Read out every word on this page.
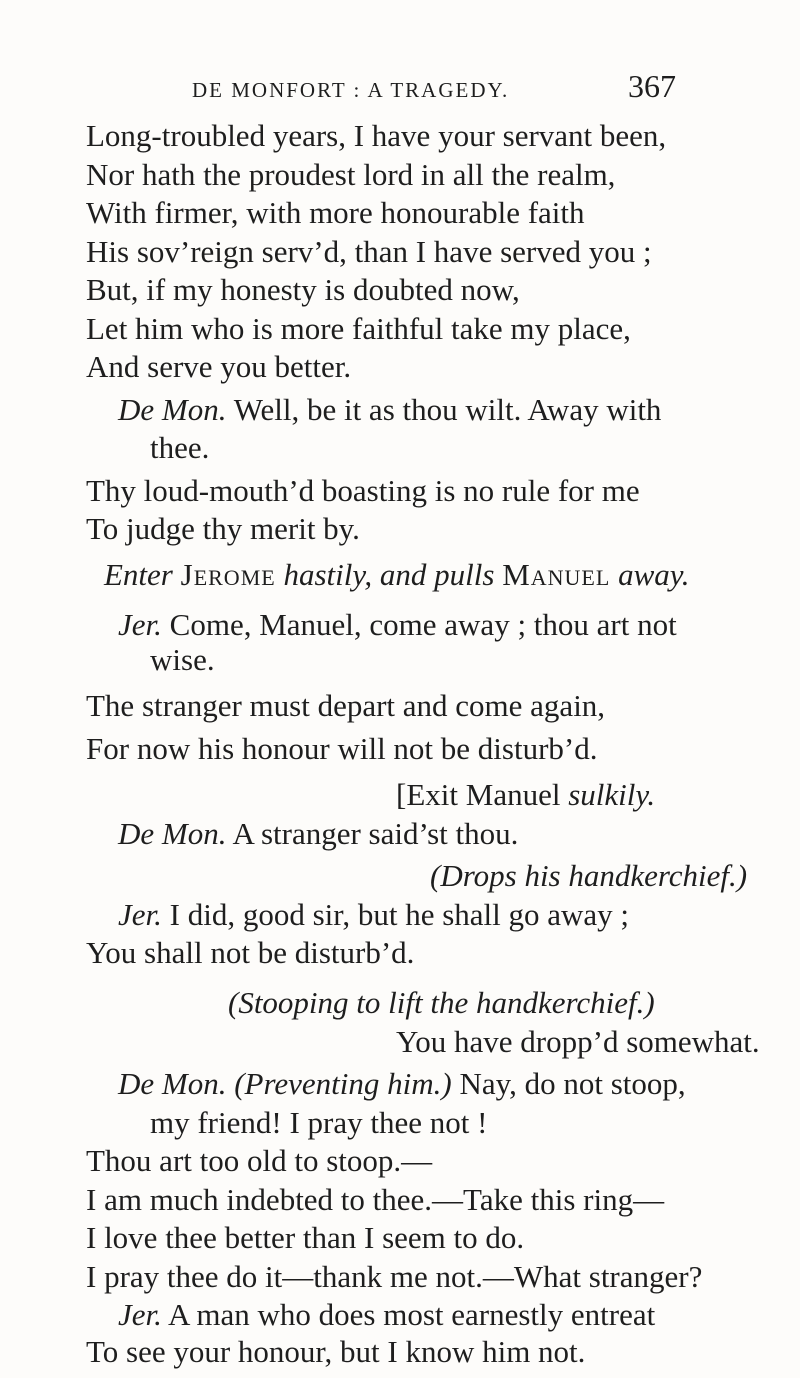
DE MONFORT : A TRAGEDY.	367
Long-troubled years, I have your servant been,
Nor hath the proudest lord in all the realm,
With firmer, with more honourable faith
His sov’reign serv’d, than I have served you ;
But, if my honesty is doubted now,
Let him who is more faithful take my place,
And serve you better.
De Mon. Well, be it as thou wilt. Away with
thee.
Thy loud-mouth’d boasting is no rule for me
To judge thy merit by.
Enter Jerome hastily, and pulls Manuel away.
Jer. Come, Manuel, come away ; thou art not
wise.
The stranger must depart and come again,
For now his honour will not be disturb’d.
[Exit Manuel sulkily.
De Mon. A stranger said’st thou.
(Drops his handkerchief.)
Jer. I did, good sir, but he shall go away ;
You shall not be disturb’d.
(Stooping to lift the handkerchief.)
You have dropp’d somewhat.
De Mon. (Preventing him.) Nay, do not stoop,
my friend! I pray thee not !
Thou art too old to stoop.—
I am much indebted to thee.—Take this ring—
I love thee better than I seem to do.
I pray thee do it—thank me not.—What stranger?
Jer. A man who does most earnestly entreat
To see your honour, but I know him not.
